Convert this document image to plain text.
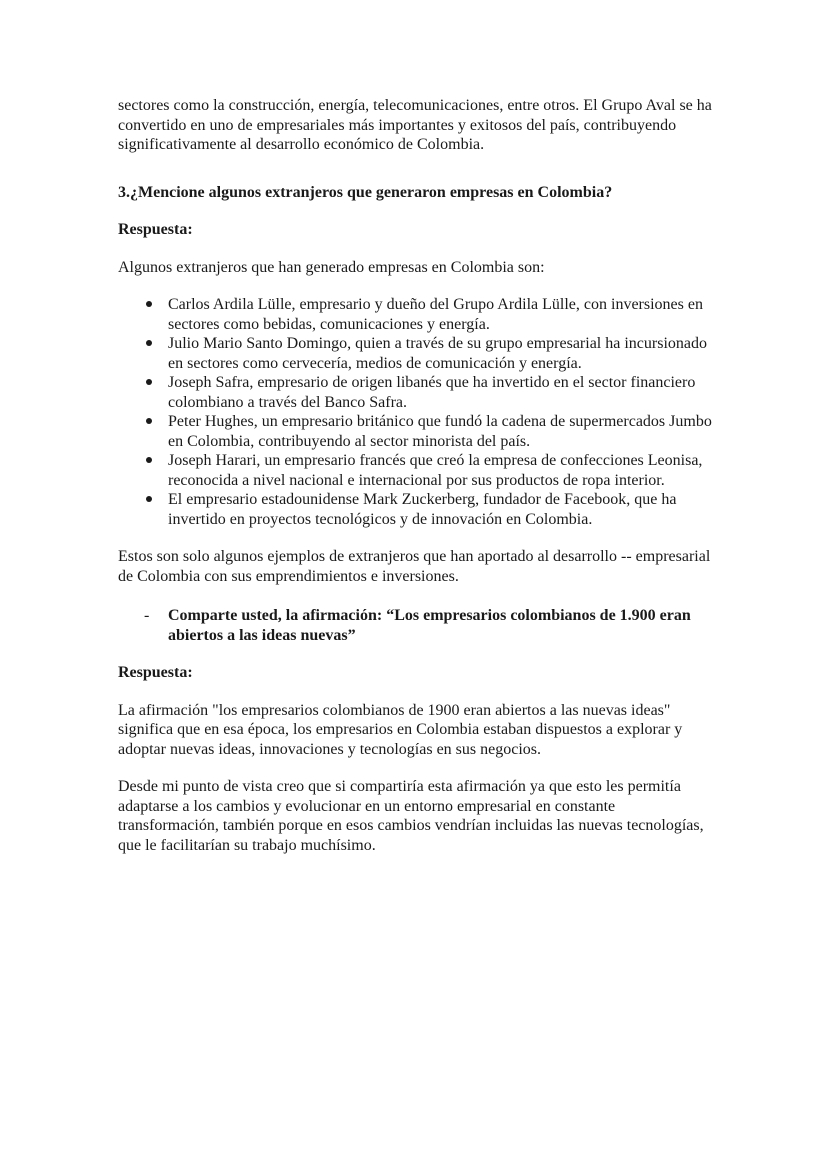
sectores como la construcción, energía, telecomunicaciones, entre otros. El Grupo Aval se ha convertido en uno de empresariales más importantes y exitosos del país, contribuyendo significativamente al desarrollo económico de Colombia.

3.¿Mencione algunos extranjeros que generaron empresas en Colombia?

Respuesta:

Algunos extranjeros que han generado empresas en Colombia son:

Carlos Ardila Lülle, empresario y dueño del Grupo Ardila Lülle, con inversiones en sectores como bebidas, comunicaciones y energía.
Julio Mario Santo Domingo, quien a través de su grupo empresarial ha incursionado en sectores como cervecería, medios de comunicación y energía.
Joseph Safra, empresario de origen libanés que ha invertido en el sector financiero colombiano a través del Banco Safra.
Peter Hughes, un empresario británico que fundó la cadena de supermercados Jumbo en Colombia, contribuyendo al sector minorista del país.
Joseph Harari, un empresario francés que creó la empresa de confecciones Leonisa, reconocida a nivel nacional e internacional por sus productos de ropa interior.
El empresario estadounidense Mark Zuckerberg, fundador de Facebook, que ha invertido en proyectos tecnológicos y de innovación en Colombia.

Estos son solo algunos ejemplos de extranjeros que han aportado al desarrollo -- empresarial de Colombia con sus emprendimientos e inversiones.

- Comparte usted, la afirmación: “Los empresarios colombianos de 1.900 eran abiertos a las ideas nuevas”

Respuesta:

La afirmación "los empresarios colombianos de 1900 eran abiertos a las nuevas ideas" significa que en esa época, los empresarios en Colombia estaban dispuestos a explorar y adoptar nuevas ideas, innovaciones y tecnologías en sus negocios.

Desde mi punto de vista creo que si compartiría esta afirmación ya que esto les permitía adaptarse a los cambios y evolucionar en un entorno empresarial en constante transformación, también porque en esos cambios vendrían incluidas las nuevas tecnologías, que le facilitarían su trabajo muchísimo.
